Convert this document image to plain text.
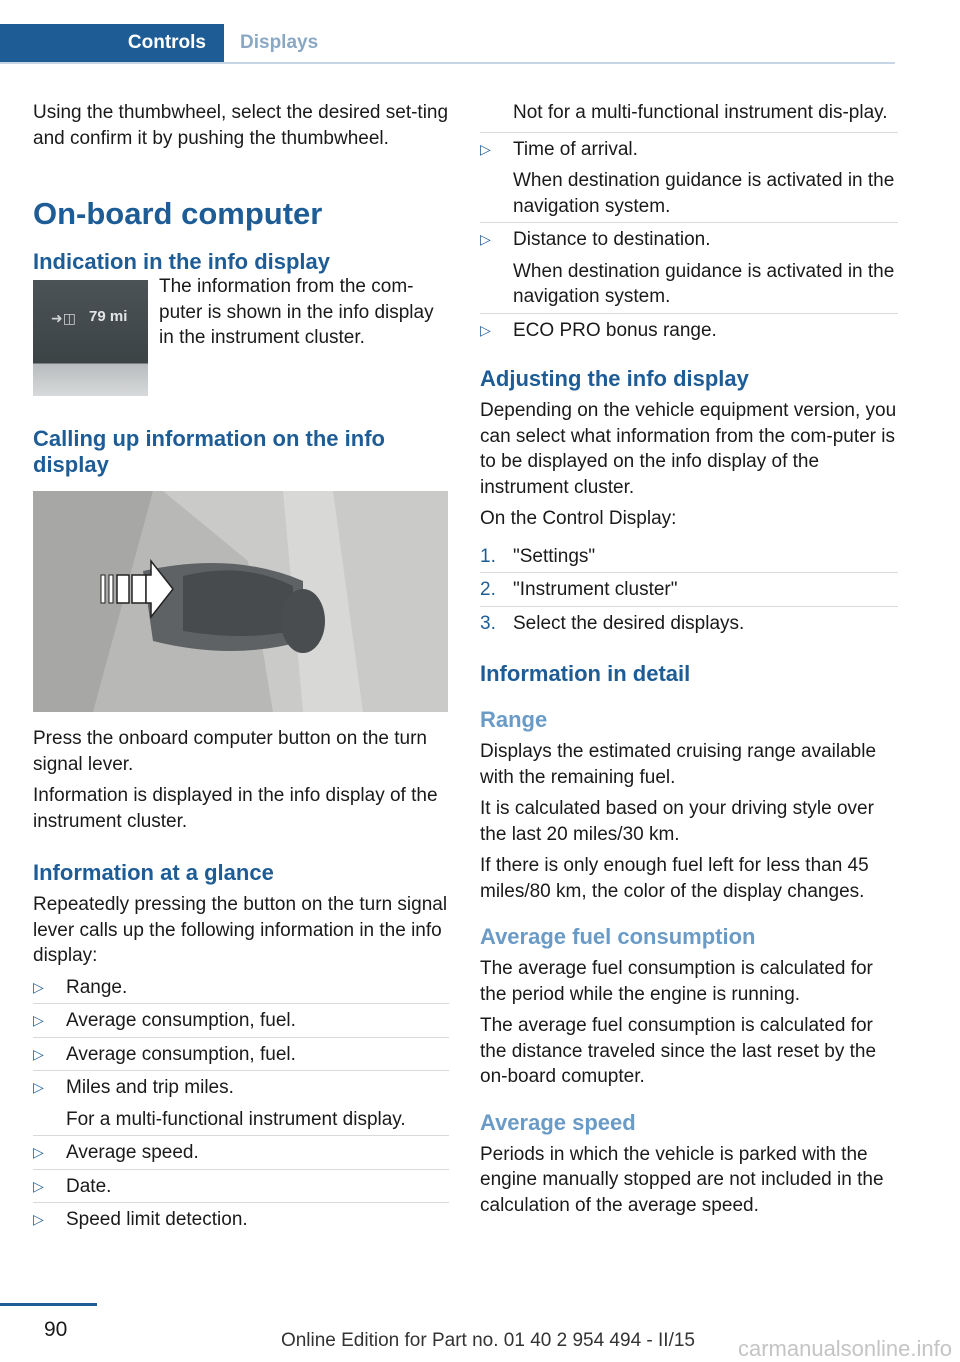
Controls	Displays

Using the thumbwheel, select the desired set-ting and confirm it by pushing the thumbwheel.

On-board computer
Indication in the info display
➜◫ 79 mi

The information from the com-puter is shown in the info display in the instrument cluster.

Calling up information on the info display

Press the onboard computer button on the turn signal lever.

Information is displayed in the info display of the instrument cluster.

Information at a glance

Repeatedly pressing the button on the turn signal lever calls up the following information in the info display:

▷ Range.
▷ Average consumption, fuel.
▷ Average consumption, fuel.
▷ Miles and trip miles.
For a multi-functional instrument display.
▷ Average speed.
▷ Date.
▷ Speed limit detection.

Not for a multi-functional instrument dis-play.

▷ Time of arrival.
When destination guidance is activated in the navigation system.
▷ Distance to destination.
When destination guidance is activated in the navigation system.
▷ ECO PRO bonus range.
Adjusting the info display

Depending on the vehicle equipment version, you can select what information from the com-puter is to be displayed on the info display of the instrument cluster.

On the Control Display:

1. "Settings"
2. "Instrument cluster"
3. Select the desired displays.
Information in detail
Range

Displays the estimated cruising range available with the remaining fuel.

It is calculated based on your driving style over the last 20 miles/30 km.

If there is only enough fuel left for less than 45 miles/80 km, the color of the display changes.

Average fuel consumption

The average fuel consumption is calculated for the period while the engine is running.

The average fuel consumption is calculated for the distance traveled since the last reset by the on-board comupter.

Average speed

Periods in which the vehicle is parked with the engine manually stopped are not included in the calculation of the average speed.

90	Online Edition for Part no. 01 40 2 954 494 - II/15 carmanualsonline.info
